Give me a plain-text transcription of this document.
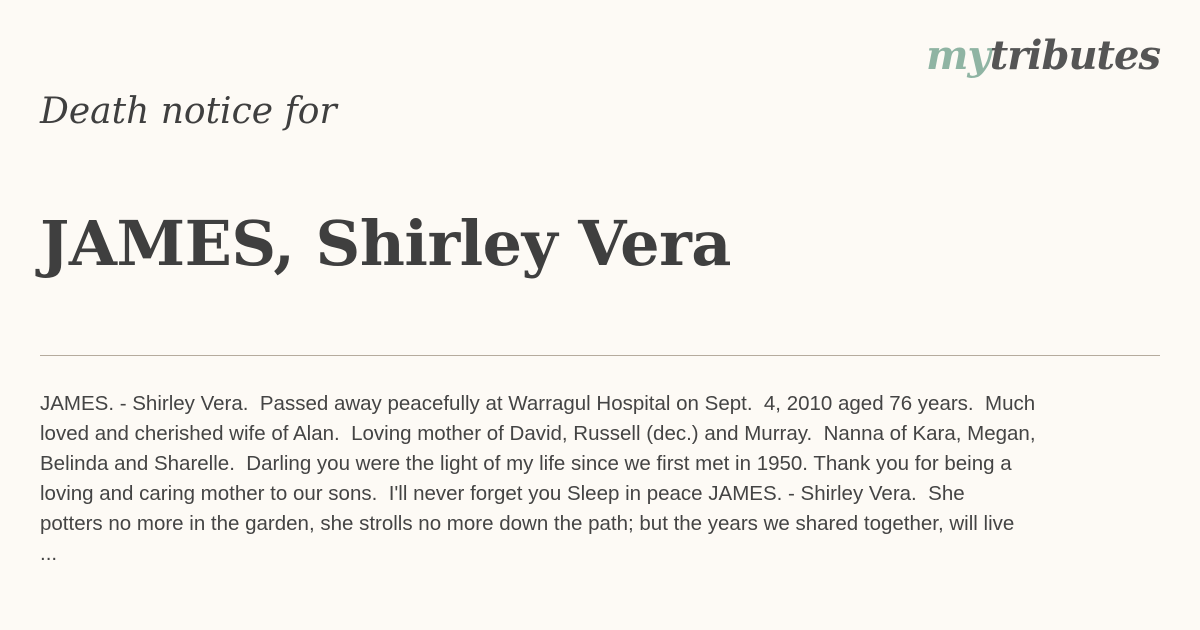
mytributes
Death notice for
JAMES, Shirley Vera

JAMES. - Shirley Vera.  Passed away peacefully at Warragul Hospital on Sept.  4, 2010 aged 76 years.  Much
loved and cherished wife of Alan.  Loving mother of David, Russell (dec.) and Murray.  Nanna of Kara, Megan,
Belinda and Sharelle.  Darling you were the light of my life since we first met in 1950. Thank you for being a
loving and caring mother to our sons.  I'll never forget you Sleep in peace JAMES. - Shirley Vera.  She
potters no more in the garden, she strolls no more down the path; but the years we shared together, will live
...
